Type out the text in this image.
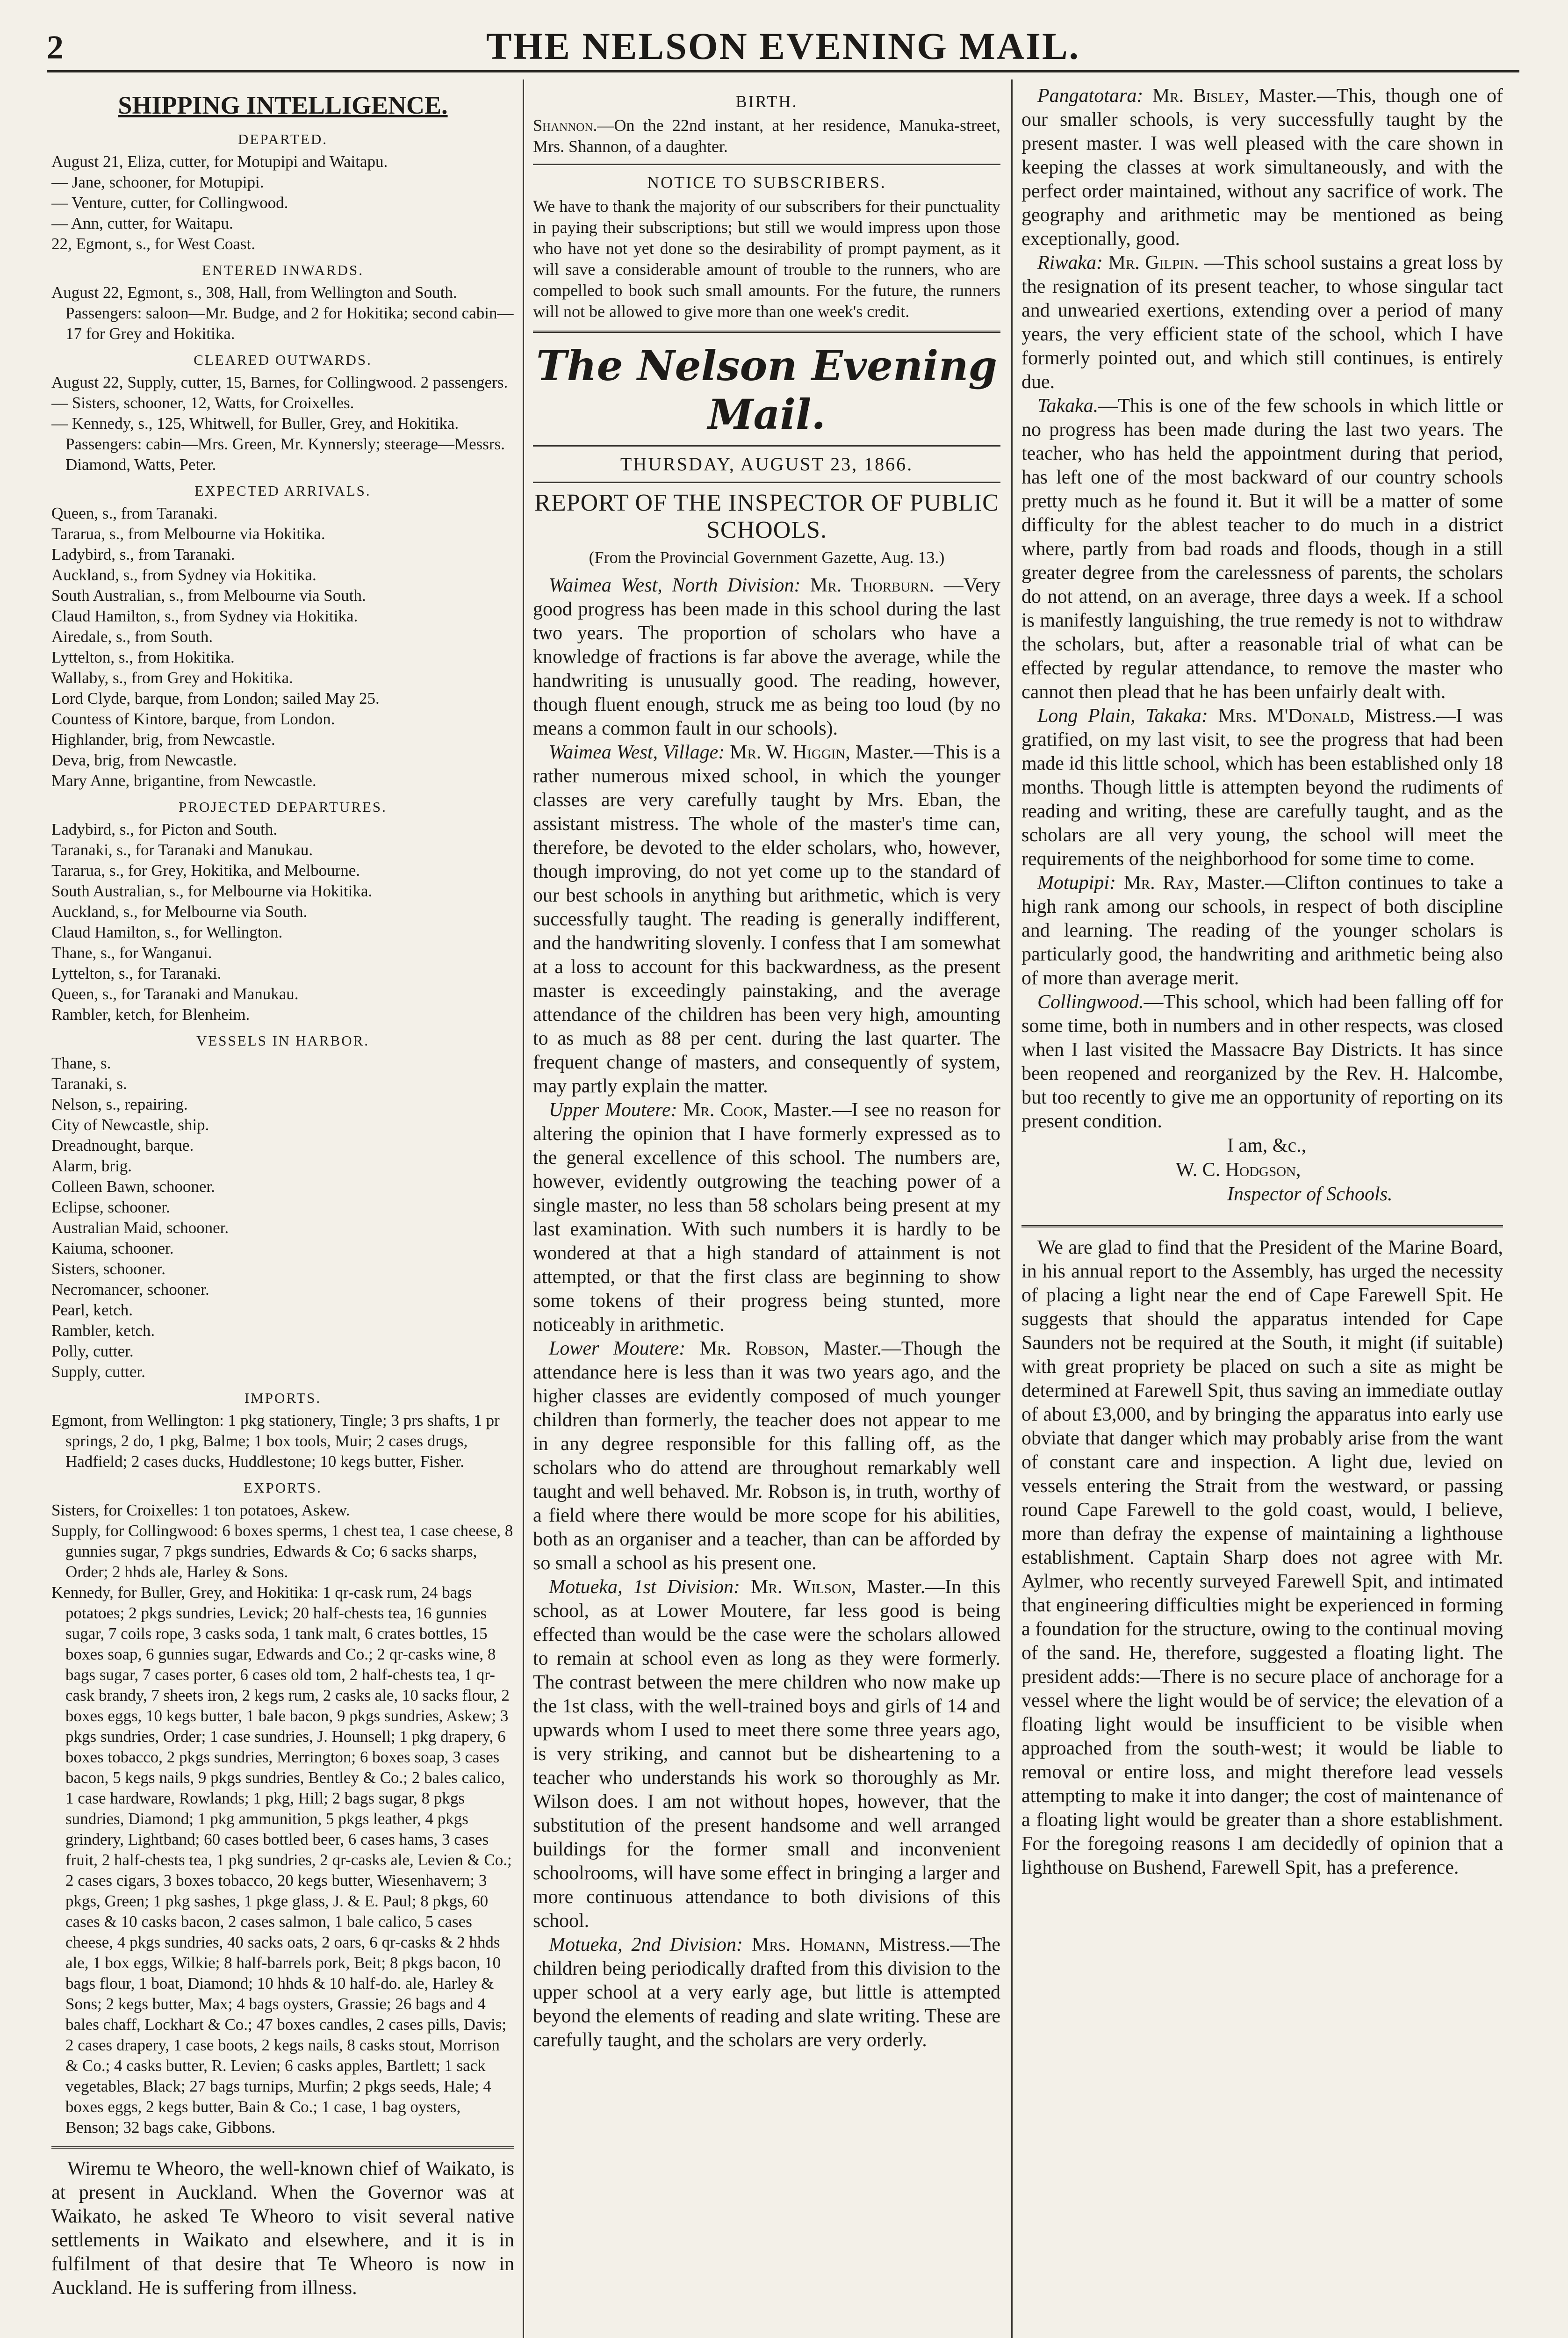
2	THE NELSON EVENING MAIL.
SHIPPING INTELLIGENCE.
DEPARTED.

August 21, Eliza, cutter, for Motupipi and Waitapu.

— Jane, schooner, for Motupipi.

— Venture, cutter, for Collingwood.

— Ann, cutter, for Waitapu.

22, Egmont, s., for West Coast.

ENTERED INWARDS.

August 22, Egmont, s., 308, Hall, from Wellington and South. Passengers: saloon—Mr. Budge, and 2 for Hokitika; second cabin—17 for Grey and Hokitika.

CLEARED OUTWARDS.

August 22, Supply, cutter, 15, Barnes, for Collingwood. 2 passengers.

— Sisters, schooner, 12, Watts, for Croixelles.

— Kennedy, s., 125, Whitwell, for Buller, Grey, and Hokitika. Passengers: cabin—Mrs. Green, Mr. Kynnersly; steerage—Messrs. Diamond, Watts, Peter.

EXPECTED ARRIVALS.

Queen, s., from Taranaki.

Tararua, s., from Melbourne via Hokitika.

Ladybird, s., from Taranaki.

Auckland, s., from Sydney via Hokitika.

South Australian, s., from Melbourne via South.

Claud Hamilton, s., from Sydney via Hokitika.

Airedale, s., from South.

Lyttelton, s., from Hokitika.

Wallaby, s., from Grey and Hokitika.

Lord Clyde, barque, from London; sailed May 25.

Countess of Kintore, barque, from London.

Highlander, brig, from Newcastle.

Deva, brig, from Newcastle.

Mary Anne, brigantine, from Newcastle.

PROJECTED DEPARTURES.

Ladybird, s., for Picton and South.

Taranaki, s., for Taranaki and Manukau.

Tararua, s., for Grey, Hokitika, and Melbourne.

South Australian, s., for Melbourne via Hokitika.

Auckland, s., for Melbourne via South.

Claud Hamilton, s., for Wellington.

Thane, s., for Wanganui.

Lyttelton, s., for Taranaki.

Queen, s., for Taranaki and Manukau.

Rambler, ketch, for Blenheim.

VESSELS IN HARBOR.

Thane, s.

Taranaki, s.

Nelson, s., repairing.

City of Newcastle, ship.

Dreadnought, barque.

Alarm, brig.

Colleen Bawn, schooner.

Eclipse, schooner.

Australian Maid, schooner.

Kaiuma, schooner.

Sisters, schooner.

Necromancer, schooner.

Pearl, ketch.

Rambler, ketch.

Polly, cutter.

Supply, cutter.

IMPORTS.

Egmont, from Wellington: 1 pkg stationery, Tingle; 3 prs shafts, 1 pr springs, 2 do, 1 pkg, Balme; 1 box tools, Muir; 2 cases drugs, Hadfield; 2 cases ducks, Huddlestone; 10 kegs butter, Fisher.

EXPORTS.

Sisters, for Croixelles: 1 ton potatoes, Askew.

Supply, for Collingwood: 6 boxes sperms, 1 chest tea, 1 case cheese, 8 gunnies sugar, 7 pkgs sundries, Edwards & Co; 6 sacks sharps, Order; 2 hhds ale, Harley & Sons.

Kennedy, for Buller, Grey, and Hokitika: 1 qr-cask rum, 24 bags potatoes; 2 pkgs sundries, Levick; 20 half-chests tea, 16 gunnies sugar, 7 coils rope, 3 casks soda, 1 tank malt, 6 crates bottles, 15 boxes soap, 6 gunnies sugar, Edwards and Co.; 2 qr-casks wine, 8 bags sugar, 7 cases porter, 6 cases old tom, 2 half-chests tea, 1 qr-cask brandy, 7 sheets iron, 2 kegs rum, 2 casks ale, 10 sacks flour, 2 boxes eggs, 10 kegs butter, 1 bale bacon, 9 pkgs sundries, Askew; 3 pkgs sundries, Order; 1 case sundries, J. Hounsell; 1 pkg drapery, 6 boxes tobacco, 2 pkgs sundries, Merrington; 6 boxes soap, 3 cases bacon, 5 kegs nails, 9 pkgs sundries, Bentley & Co.; 2 bales calico, 1 case hardware, Rowlands; 1 pkg, Hill; 2 bags sugar, 8 pkgs sundries, Diamond; 1 pkg ammunition, 5 pkgs leather, 4 pkgs grindery, Lightband; 60 cases bottled beer, 6 cases hams, 3 cases fruit, 2 half-chests tea, 1 pkg sundries, 2 qr-casks ale, Levien & Co.; 2 cases cigars, 3 boxes tobacco, 20 kegs butter, Wiesenhavern; 3 pkgs, Green; 1 pkg sashes, 1 pkge glass, J. & E. Paul; 8 pkgs, 60 cases & 10 casks bacon, 2 cases salmon, 1 bale calico, 5 cases cheese, 4 pkgs sundries, 40 sacks oats, 2 oars, 6 qr-casks & 2 hhds ale, 1 box eggs, Wilkie; 8 half-barrels pork, Beit; 8 pkgs bacon, 10 bags flour, 1 boat, Diamond; 10 hhds & 10 half-do. ale, Harley & Sons; 2 kegs butter, Max; 4 bags oysters, Grassie; 26 bags and 4 bales chaff, Lockhart & Co.; 47 boxes candles, 2 cases pills, Davis; 2 cases drapery, 1 case boots, 2 kegs nails, 8 casks stout, Morrison & Co.; 4 casks butter, R. Levien; 6 casks apples, Bartlett; 1 sack vegetables, Black; 27 bags turnips, Murfin; 2 pkgs seeds, Hale; 4 boxes eggs, 2 kegs butter, Bain & Co.; 1 case, 1 bag oysters, Benson; 32 bags cake, Gibbons.

Wiremu te Wheoro, the well-known chief of Waikato, is at present in Auckland. When the Governor was at Waikato, he asked Te Wheoro to visit several native settlements in Waikato and elsewhere, and it is in fulfilment of that desire that Te Wheoro is now in Auckland. He is suffering from illness.

BIRTH.

Shannon.—On the 22nd instant, at her residence, Manuka-street, Mrs. Shannon, of a daughter.

NOTICE TO SUBSCRIBERS.

We have to thank the majority of our subscribers for their punctuality in paying their subscriptions; but still we would impress upon those who have not yet done so the desirability of prompt payment, as it will save a considerable amount of trouble to the runners, who are compelled to book such small amounts. For the future, the runners will not be allowed to give more than one week's credit.

The Nelson Evening Mail.
THURSDAY, AUGUST 23, 1866.
REPORT OF THE INSPECTOR OF PUBLIC SCHOOLS.
(From the Provincial Government Gazette, Aug. 13.)

Waimea West, North Division: Mr. Thorburn. —Very good progress has been made in this school during the last two years. The proportion of scholars who have a knowledge of fractions is far above the average, while the handwriting is unusually good. The reading, however, though fluent enough, struck me as being too loud (by no means a common fault in our schools).

Waimea West, Village: Mr. W. Higgin, Master.—This is a rather numerous mixed school, in which the younger classes are very carefully taught by Mrs. Eban, the assistant mistress. The whole of the master's time can, therefore, be devoted to the elder scholars, who, however, though improving, do not yet come up to the standard of our best schools in anything but arithmetic, which is very successfully taught. The reading is generally indifferent, and the handwriting slovenly. I confess that I am somewhat at a loss to account for this backwardness, as the present master is exceedingly painstaking, and the average attendance of the children has been very high, amounting to as much as 88 per cent. during the last quarter. The frequent change of masters, and consequently of system, may partly explain the matter.

Upper Moutere: Mr. Cook, Master.—I see no reason for altering the opinion that I have formerly expressed as to the general excellence of this school. The numbers are, however, evidently outgrowing the teaching power of a single master, no less than 58 scholars being present at my last examination. With such numbers it is hardly to be wondered at that a high standard of attainment is not attempted, or that the first class are beginning to show some tokens of their progress being stunted, more noticeably in arithmetic.

Lower Moutere: Mr. Robson, Master.—Though the attendance here is less than it was two years ago, and the higher classes are evidently composed of much younger children than formerly, the teacher does not appear to me in any degree responsible for this falling off, as the scholars who do attend are throughout remarkably well taught and well behaved. Mr. Robson is, in truth, worthy of a field where there would be more scope for his abilities, both as an organiser and a teacher, than can be afforded by so small a school as his present one.

Motueka, 1st Division: Mr. Wilson, Master.—In this school, as at Lower Moutere, far less good is being effected than would be the case were the scholars allowed to remain at school even as long as they were formerly. The contrast between the mere children who now make up the 1st class, with the well-trained boys and girls of 14 and upwards whom I used to meet there some three years ago, is very striking, and cannot but be disheartening to a teacher who understands his work so thoroughly as Mr. Wilson does. I am not without hopes, however, that the substitution of the present handsome and well arranged buildings for the former small and inconvenient schoolrooms, will have some effect in bringing a larger and more continuous attendance to both divisions of this school.

Motueka, 2nd Division: Mrs. Homann, Mistress.—The children being periodically drafted from this division to the upper school at a very early age, but little is attempted beyond the elements of reading and slate writing. These are carefully taught, and the scholars are very orderly.

Pangatotara: Mr. Bisley, Master.—This, though one of our smaller schools, is very successfully taught by the present master. I was well pleased with the care shown in keeping the classes at work simultaneously, and with the perfect order maintained, without any sacrifice of work. The geography and arithmetic may be mentioned as being exceptionally, good.

Riwaka: Mr. Gilpin. —This school sustains a great loss by the resignation of its present teacher, to whose singular tact and unwearied exertions, extending over a period of many years, the very efficient state of the school, which I have formerly pointed out, and which still continues, is entirely due.

Takaka.—This is one of the few schools in which little or no progress has been made during the last two years. The teacher, who has held the appointment during that period, has left one of the most backward of our country schools pretty much as he found it. But it will be a matter of some difficulty for the ablest teacher to do much in a district where, partly from bad roads and floods, though in a still greater degree from the carelessness of parents, the scholars do not attend, on an average, three days a week. If a school is manifestly languishing, the true remedy is not to withdraw the scholars, but, after a reasonable trial of what can be effected by regular attendance, to remove the master who cannot then plead that he has been unfairly dealt with.

Long Plain, Takaka: Mrs. M'Donald, Mistress.—I was gratified, on my last visit, to see the progress that had been made id this little school, which has been established only 18 months. Though little is attempten beyond the rudiments of reading and writing, these are carefully taught, and as the scholars are all very young, the school will meet the requirements of the neighborhood for some time to come.

Motupipi: Mr. Ray, Master.—Clifton continues to take a high rank among our schools, in respect of both discipline and learning. The reading of the younger scholars is particularly good, the handwriting and arithmetic being also of more than average merit.

Collingwood.—This school, which had been falling off for some time, both in numbers and in other respects, was closed when I last visited the Massacre Bay Districts. It has since been reopened and reorganized by the Rev. H. Halcombe, but too recently to give me an opportunity of reporting on its present condition.

I am, &c.,

W. C. Hodgson,

Inspector of Schools.

We are glad to find that the President of the Marine Board, in his annual report to the Assembly, has urged the necessity of placing a light near the end of Cape Farewell Spit. He suggests that should the apparatus intended for Cape Saunders not be required at the South, it might (if suitable) with great propriety be placed on such a site as might be determined at Farewell Spit, thus saving an immediate outlay of about £3,000, and by bringing the apparatus into early use obviate that danger which may probably arise from the want of constant care and inspection. A light due, levied on vessels entering the Strait from the westward, or passing round Cape Farewell to the gold coast, would, I believe, more than defray the expense of maintaining a lighthouse establishment. Captain Sharp does not agree with Mr. Aylmer, who recently surveyed Farewell Spit, and intimated that engineering difficulties might be experienced in forming a foundation for the structure, owing to the continual moving of the sand. He, therefore, suggested a floating light. The president adds:—There is no secure place of anchorage for a vessel where the light would be of service; the elevation of a floating light would be insufficient to be visible when approached from the south-west; it would be liable to removal or entire loss, and might therefore lead vessels attempting to make it into danger; the cost of maintenance of a floating light would be greater than a shore establishment. For the foregoing reasons I am decidedly of opinion that a lighthouse on Bushend, Farewell Spit, has a preference.
